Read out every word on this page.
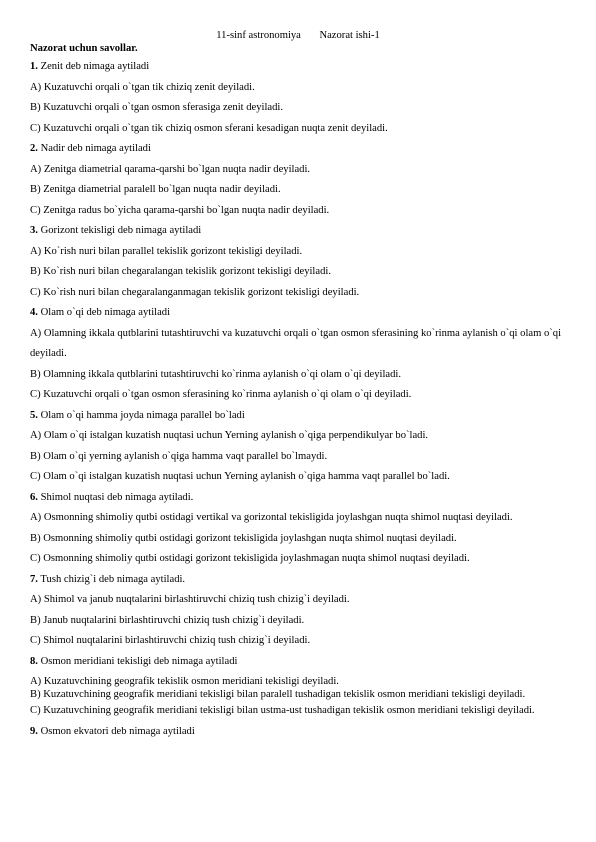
11-sinf astronomiya Nazorat ishi-1
Nazorat uchun savollar.
1. Zenit deb nimaga aytiladi
A) Kuzatuvchi orqali o`tgan tik chiziq zenit deyiladi.
B) Kuzatuvchi orqali o`tgan osmon sferasiga zenit deyiladi.
C) Kuzatuvchi orqali o`tgan tik chiziq osmon sferani kesadigan nuqta zenit deyiladi.
2. Nadir deb nimaga aytiladi
A) Zenitga diametrial qarama-qarshi bo`lgan nuqta nadir deyiladi.
B) Zenitga diametrial paralell bo`lgan nuqta nadir deyiladi.
C) Zenitga radus bo`yicha qarama-qarshi bo`lgan nuqta nadir deyiladi.
3. Gorizont tekisligi deb nimaga aytiladi
A) Ko`rish nuri bilan parallel tekislik gorizont tekisligi deyiladi.
B) Ko`rish nuri bilan chegaralangan tekislik gorizont tekisligi deyiladi.
C) Ko`rish nuri bilan chegaralanganmagan tekislik gorizont tekisligi deyiladi.
4. Olam o`qi deb nimaga aytiladi
A) Olamning ikkala qutblarini tutashtiruvchi va kuzatuvchi orqali o`tgan osmon sferasining ko`rinma aylanish o`qi olam o`qi deyiladi.
B) Olamning ikkala qutblarini tutashtiruvchi ko`rinma aylanish o`qi olam o`qi deyiladi.
C) Kuzatuvchi orqali o`tgan osmon sferasining ko`rinma aylanish o`qi olam o`qi deyiladi.
5. Olam o`qi hamma joyda nimaga parallel bo`ladi
A) Olam o`qi istalgan kuzatish nuqtasi uchun Yerning aylanish o`qiga perpendikulyar bo`ladi.
B) Olam o`qi yerning aylanish o`qiga hamma vaqt parallel bo`lmaydi.
C) Olam o`qi istalgan kuzatish nuqtasi uchun Yerning aylanish o`qiga hamma vaqt parallel bo`ladi.
6. Shimol nuqtasi deb nimaga aytiladi.
A) Osmonning shimoliy qutbi ostidagi vertikal va gorizontal tekisligida joylashgan nuqta shimol nuqtasi deyiladi.
B) Osmonning shimoliy qutbi ostidagi gorizont tekisligida joylashgan nuqta shimol nuqtasi deyiladi.
C) Osmonning shimoliy qutbi ostidagi gorizont tekisligida joylashmagan nuqta shimol nuqtasi deyiladi.
7. Tush chizig`i deb nimaga aytiladi.
A) Shimol va janub nuqtalarini birlashtiruvchi chiziq tush chizig`i deyiladi.
B) Janub nuqtalarini birlashtiruvchi chiziq tush chizig`i deyiladi.
C) Shimol nuqtalarini birlashtiruvchi chiziq tush chizig`i deyiladi.
8. Osmon meridiani tekisligi deb nimaga aytiladi
A) Kuzatuvchining geografik tekislik osmon meridiani tekisligi deyiladi.
B) Kuzatuvchining geografik meridiani tekisligi bilan paralell tushadigan tekislik osmon meridiani tekisligi deyiladi.
C) Kuzatuvchining geografik meridiani tekisligi bilan ustma-ust tushadigan tekislik osmon meridiani tekisligi deyiladi.
9. Osmon ekvatori deb nimaga aytiladi
